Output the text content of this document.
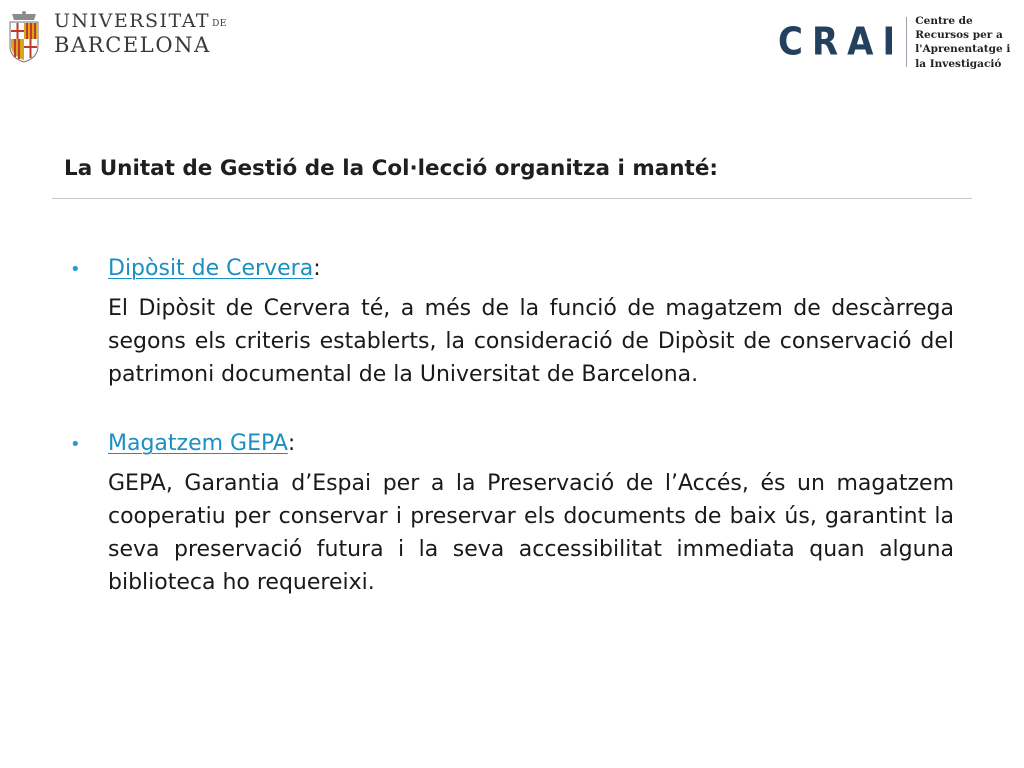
UNIVERSITAT DE
BARCELONA	CRAI Centre de Recursos per a
l'Aprenentatge i la Investigació
La Unitat de Gestió de la Col·lecció organitza i manté:
•	Dipòsit de Cervera :

El Dipòsit de Cervera té, a més de la funció de magatzem de descàrrega segons els criteris establerts, la consideració de Dipòsit de conservació del patrimoni documental de la Universitat de Barcelona.

•	Magatzem GEPA :

GEPA, Garantia d’Espai per a la Preservació de l’Accés, és un magatzem cooperatiu per conservar i preservar els documents de baix ús, garantint la seva preservació futura i la seva accessibilitat immediata quan alguna biblioteca ho requereixi.
